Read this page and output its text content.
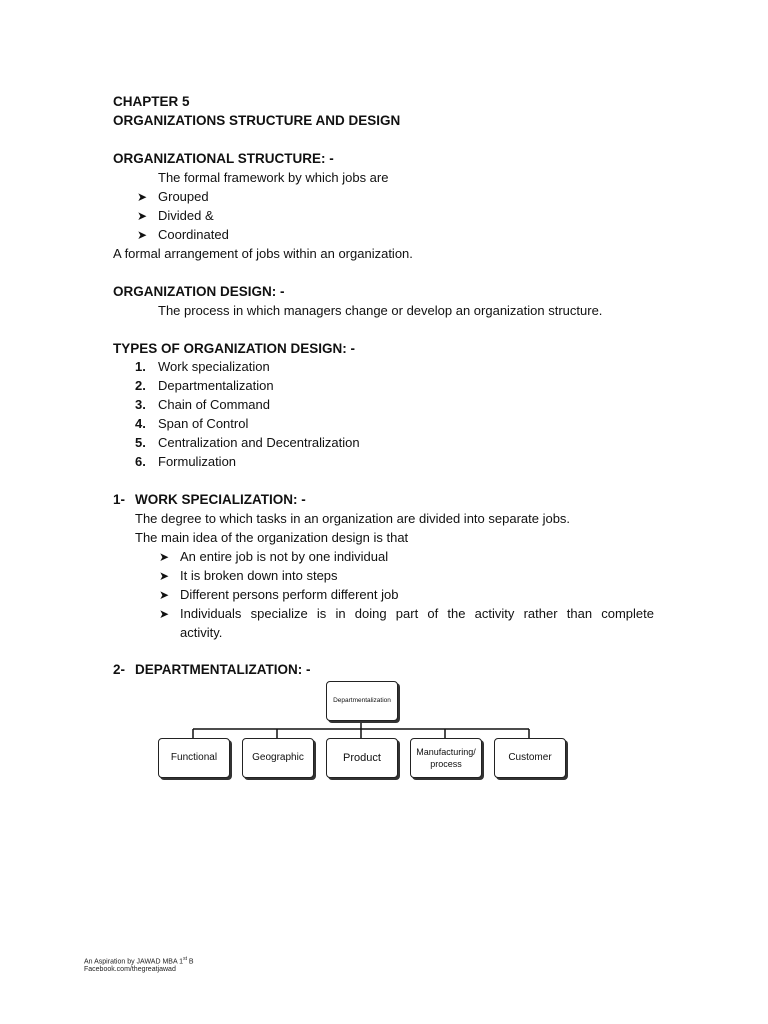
CHAPTER 5
ORGANIZATIONS STRUCTURE AND DESIGN
ORGANIZATIONAL STRUCTURE: -
The formal framework by which jobs are
➤ Grouped
➤ Divided &
➤ Coordinated
A formal arrangement of jobs within an organization.
ORGANIZATION DESIGN: -
The process in which managers change or develop an organization structure.
TYPES OF ORGANIZATION DESIGN: -
1. Work specialization
2. Departmentalization
3. Chain of Command
4. Span of Control
5. Centralization and Decentralization
6. Formulization
1- WORK SPECIALIZATION: -
The degree to which tasks in an organization are divided into separate jobs.
The main idea of the organization design is that
➤ An entire job is not by one individual
➤ It is broken down into steps
➤ Different persons perform different job
➤ Individuals specialize is in doing part of the activity rather than complete
activity.
2- DEPARTMENTALIZATION: -
Departmentalization
Functional	Geographic	Product	Manufacturing/
process
Customer
An Aspiration by JAWAD MBA 1st B
Facebook.com/thegreatjawad
